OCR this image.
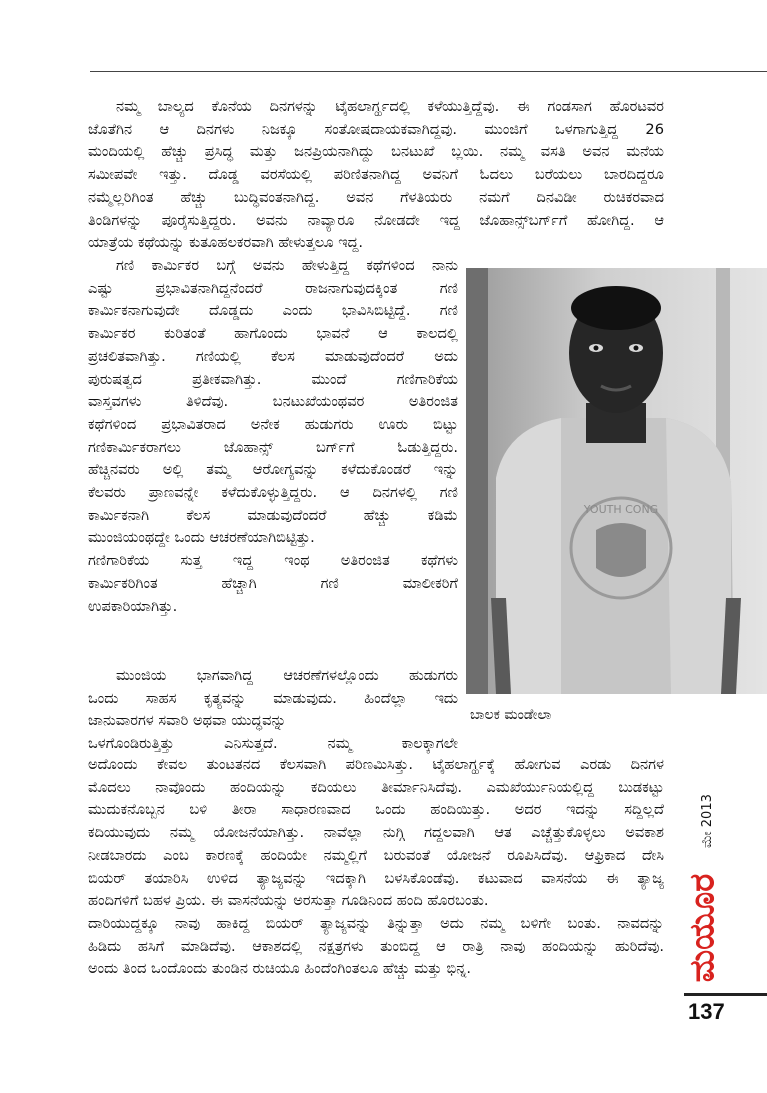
ನಮ್ಮ ಬಾಲ್ಯದ ಕೊನೆಯ ದಿನಗಳನ್ನು ಟೈಹಲಾರ್ಗ್ಹದಲ್ಲಿ ಕಳೆಯುತ್ತಿದ್ದೆವು. ಈ ಗಂಡಸಾಗ ಹೊರಟವರ
ಜೊತೆಗಿನ ಆ ದಿನಗಳು ನಿಜಕ್ಕೂ ಸಂತೋಷದಾಯಕವಾಗಿದ್ದವು. ಮುಂಜಿಗೆ ಒಳಗಾಗುತ್ತಿದ್ದ 26
ಮಂದಿಯಲ್ಲಿ ಹೆಚ್ಚು ಪ್ರಸಿದ್ಧ ಮತ್ತು ಜನಪ್ರಿಯನಾಗಿದ್ದು ಬನಟುಖೆ ಬ್ಲಯಿ. ನಮ್ಮ ವಸತಿ ಅವನ ಮನೆಯ
ಸಮೀಪವೇ ಇತ್ತು. ದೊಡ್ಡ ವರಸೆಯಲ್ಲಿ ಪರಿಣಿತನಾಗಿದ್ದ ಅವನಿಗೆ ಓದಲು ಬರೆಯಲು ಬಾರದಿದ್ದರೂ
ನಮ್ಮೆಲ್ಲರಿಗಿಂತ ಹೆಚ್ಚು ಬುದ್ಧಿವಂತನಾಗಿದ್ದ. ಅವನ ಗೆಳತಿಯರು ನಮಗೆ ದಿನವಿಡೀ ರುಚಿಕರವಾದ
ತಿಂಡಿಗಳನ್ನು ಪೂರೈಸುತ್ತಿದ್ದರು. ಅವನು ನಾವ್ಯಾರೂ ನೋಡದೇ ಇದ್ದ ಜೊಹಾನ್ಸ್‌ಬರ್ಗ್‌ಗೆ ಹೋಗಿದ್ದ. ಆ
ಯಾತ್ರೆಯ ಕಥೆಯನ್ನು ಕುತೂಹಲಕರವಾಗಿ ಹೇಳುತ್ತಲೂ ಇದ್ದ.
ಗಣಿ ಕಾರ್ಮಿಕರ ಬಗ್ಗೆ ಅವನು ಹೇಳುತ್ತಿದ್ದ ಕಥೆಗಳಿಂದ ನಾನು
ಎಷ್ಟು ಪ್ರಭಾವಿತನಾಗಿದ್ದನೆಂದರೆ ರಾಜನಾಗುವುದಕ್ಕಿಂತ ಗಣಿ
ಕಾರ್ಮಿಕನಾಗುವುದೇ ದೊಡ್ಡದು ಎಂದು ಭಾವಿಸಿಬಿಟ್ಟಿದ್ದೆ. ಗಣಿ
ಕಾರ್ಮಿಕರ ಕುರಿತಂತೆ ಹಾಗೊಂದು ಭಾವನೆ ಆ ಕಾಲದಲ್ಲಿ
ಪ್ರಚಲಿತವಾಗಿತ್ತು. ಗಣಿಯಲ್ಲಿ ಕೆಲಸ ಮಾಡುವುದೆಂದರೆ ಅದು
ಪುರುಷತ್ವದ ಪ್ರತೀಕವಾಗಿತ್ತು. ಮುಂದೆ ಗಣಿಗಾರಿಕೆಯ
ವಾಸ್ತವಗಳು ತಿಳಿದೆವು. ಬನಟುಖೆಯಂಥವರ ಅತಿರಂಜಿತ
ಕಥೆಗಳಿಂದ ಪ್ರಭಾವಿತರಾದ ಅನೇಕ ಹುಡುಗರು ಊರು ಬಿಟ್ಟು
ಗಣಿಕಾರ್ಮಿಕರಾಗಲು ಜೊಹಾನ್ಸ್ ಬರ್ಗ್‌ಗೆ ಓಡುತ್ತಿದ್ದರು.
ಹೆಚ್ಚಿನವರು ಅಲ್ಲಿ ತಮ್ಮ ಆರೋಗ್ಯವನ್ನು ಕಳೆದುಕೊಂಡರೆ ಇನ್ನು
ಕೆಲವರು ಪ್ರಾಣವನ್ನೇ ಕಳೆದುಕೊಳ್ಳುತ್ತಿದ್ದರು. ಆ ದಿನಗಳಲ್ಲಿ ಗಣಿ
ಕಾರ್ಮಿಕನಾಗಿ ಕೆಲಸ ಮಾಡುವುದೆಂದರೆ ಹೆಚ್ಚು ಕಡಿಮೆ
ಮುಂಜಿಯಂಥದ್ದೇ ಒಂದು ಆಚರಣೆಯಾಗಿಬಿಟ್ಟಿತ್ತು.
ಗಣಿಗಾರಿಕೆಯ ಸುತ್ತ ಇದ್ದ ಇಂಥ ಅತಿರಂಜಿತ ಕಥೆಗಳು
ಕಾರ್ಮಿಕರಿಗಿಂತ ಹೆಚ್ಚಾಗಿ ಗಣಿ ಮಾಲೀಕರಿಗೆ
ಉಪಕಾರಿಯಾಗಿತ್ತು.
ಮುಂಜಿಯ ಭಾಗವಾಗಿದ್ದ ಆಚರಣೆಗಳಲ್ಲೊಂದು ಹುಡುಗರು
ಒಂದು ಸಾಹಸ ಕೃತ್ಯವನ್ನು ಮಾಡುವುದು. ಹಿಂದೆಲ್ಲಾ ಇದು
ಜಾನುವಾರಗಳ ಸವಾರಿ ಅಥವಾ ಯುದ್ಧವನ್ನು
ಒಳಗೊಂಡಿರುತ್ತಿತ್ತು ಎನಿಸುತ್ತದೆ. ನಮ್ಮ ಕಾಲಕ್ಕಾಗಲೇ
ಅದೊಂದು ಕೇವಲ ತುಂಟತನದ ಕೆಲಸವಾಗಿ ಪರಿಣಮಿಸಿತ್ತು. ಟೈಹಲಾರ್ಗ್ಹಕ್ಕೆ ಹೋಗುವ ಎರಡು ದಿನಗಳ
ಮೊದಲು ನಾವೊಂದು ಹಂದಿಯನ್ನು ಕದಿಯಲು ತೀರ್ಮಾನಿಸಿದೆವು. ಎಮಖೆರ್ಯುನಿಯಲ್ಲಿದ್ದ ಬುಡಕಟ್ಟು
ಮುದುಕನೊಬ್ಬನ ಬಳಿ ತೀರಾ ಸಾಧಾರಣವಾದ ಒಂದು ಹಂದಿಯಿತ್ತು. ಅದರ ಇದನ್ನು ಸದ್ದಿಲ್ಲದೆ
ಕದಿಯುವುದು ನಮ್ಮ ಯೋಜನೆಯಾಗಿತ್ತು. ನಾವೆಲ್ಲಾ ನುಗ್ಗಿ ಗದ್ದಲವಾಗಿ ಆತ ಎಚ್ಚೆತ್ತುಕೊಳ್ಳಲು ಅವಕಾಶ
ನೀಡಬಾರದು ಎಂಬ ಕಾರಣಕ್ಕೆ ಹಂದಿಯೇ ನಮ್ಮಲ್ಲಿಗೆ ಬರುವಂತೆ ಯೋಜನೆ ರೂಪಿಸಿದೆವು. ಆಫ್ರಿಕಾದ ದೇಸಿ
ಬಿಯರ್ ತಯಾರಿಸಿ ಉಳಿದ ತ್ಯಾಜ್ಯವನ್ನು ಇದಕ್ಕಾಗಿ ಬಳಸಿಕೊಂಡೆವು. ಕಟುವಾದ ವಾಸನೆಯ ಈ ತ್ಯಾಜ್ಯ
ಹಂದಿಗಳಿಗೆ ಬಹಳ ಪ್ರಿಯ. ಈ ವಾಸನೆಯನ್ನು ಅರಸುತ್ತಾ ಗೂಡಿನಿಂದ ಹಂದಿ ಹೊರಬಂತು.
ದಾರಿಯುದ್ದಕ್ಕೂ ನಾವು ಹಾಕಿದ್ದ ಬಿಯರ್ ತ್ಯಾಜ್ಯವನ್ನು ತಿನ್ನುತ್ತಾ ಅದು ನಮ್ಮ ಬಳಿಗೇ ಬಂತು. ನಾವದನ್ನು
ಹಿಡಿದು ಹಸಿಗೆ ಮಾಡಿದೆವು. ಆಕಾಶದಲ್ಲಿ ನಕ್ಷತ್ರಗಳು ತುಂಬಿದ್ದ ಆ ರಾತ್ರಿ ನಾವು ಹಂದಿಯನ್ನು ಹುರಿದೆವು.
ಅಂದು ತಿಂದ ಒಂದೊಂದು ತುಂಡಿನ ರುಚಿಯೂ ಹಿಂದೆಂಗಿಂತಲೂ ಹೆಚ್ಚು ಮತ್ತು ಭಿನ್ನ.
YOUTH CONG
ಬಾಲಕ ಮಂಡೇಲಾ
ಮೇ 2013
ಮಯೂರ
137
